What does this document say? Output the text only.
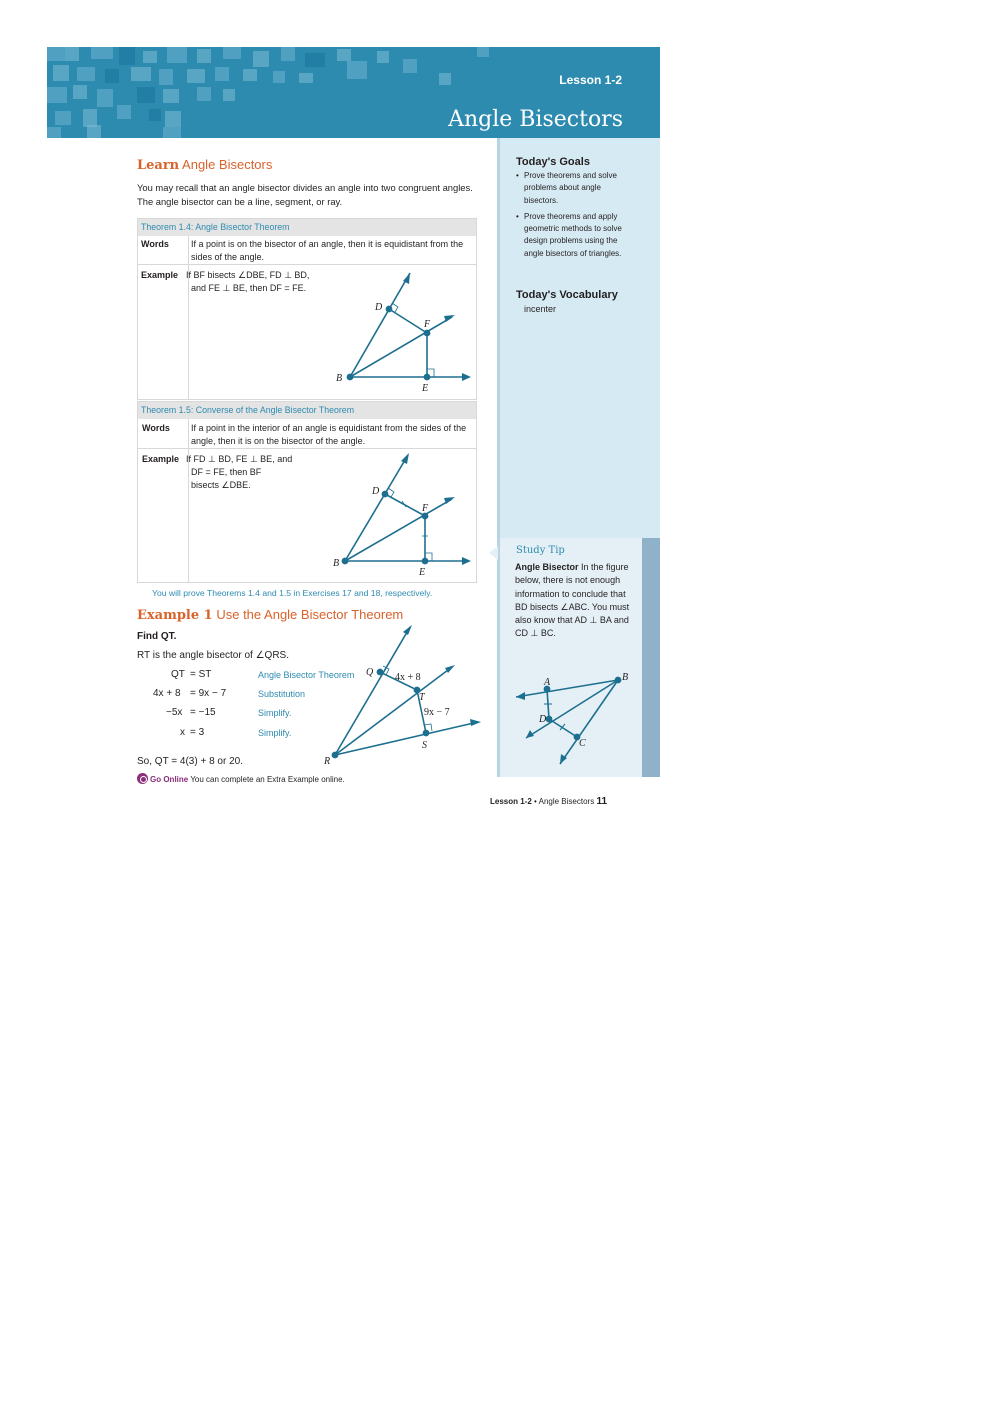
Lesson 1-2
Angle Bisectors
Today's Goals
• Prove theorems and solve problems about angle bisectors.
• Prove theorems and apply geometric methods to solve design problems using the angle bisectors of triangles.
Today's Vocabulary
incenter
Study Tip
Angle Bisector In the figure below, there is not enough information to conclude that BD bisects ∠ABC. You must also know that AD ⊥ BA and CD ⊥ BC.
A	B
C
D
Learn Angle Bisectors
You may recall that an angle bisector divides an angle into two congruent angles. The angle bisector can be a line, segment, or ray.
Theorem 1.4: Angle Bisector Theorem
Words If a point is on the bisector of an angle, then it is equidistant from the sides of the angle.
Example If BF bisects ∠DBE, FD ⊥ BD,
and FE ⊥ BE, then DF = FE.
D
F
B
E
Theorem 1.5: Converse of the Angle Bisector Theorem
Words If a point in the interior of an angle is equidistant from the sides of the angle, then it is on the bisector of the angle.
Example If FD ⊥ BD, FE ⊥ BE, and
DF = FE, then BF
bisects ∠DBE.
D
F
B
E
You will prove Theorems 1.4 and 1.5 in Exercises 17 and 18, respectively.
Example 1 Use the Angle Bisector Theorem
Find QT.
RT is the angle bisector of ∠QRS.
QT = ST	Angle Bisector Theorem
4x + 8 = 9x − 7	Substitution
−5x = −15	Simplify.
x = 3	Simplify.
So, QT = 4(3) + 8 or 20.
Go Online You can complete an Extra Example online.
Q 4x + 8
T
9x − 7
S
R
Lesson 1-2 • Angle Bisectors 11
